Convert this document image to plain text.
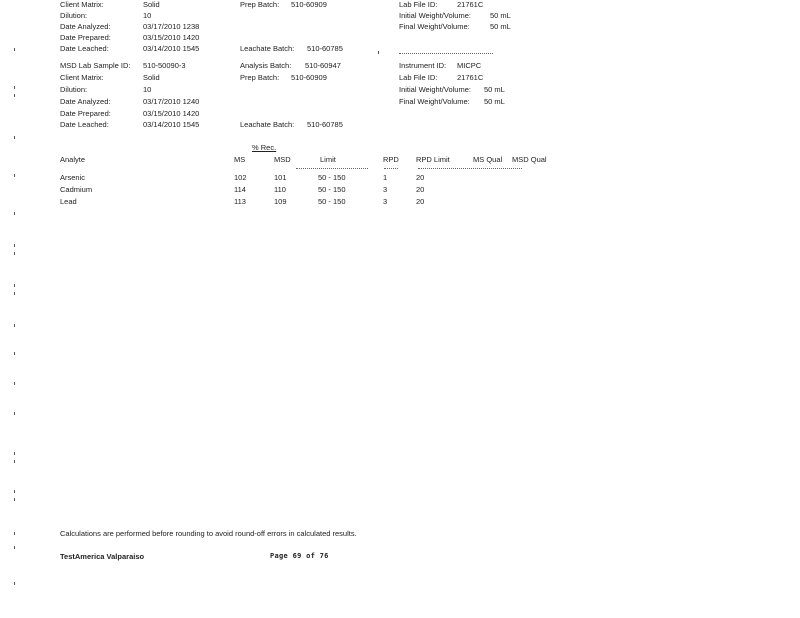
Client Matrix:	Solid	Prep Batch: 510-60909	Lab File ID:	21761C
Dilution:	10	Initial Weight/Volume:	50 mL
Date Analyzed:	03/17/2010 1238	Final Weight/Volume:	50 mL
Date Prepared:	03/15/2010 1420
Date Leached:	03/14/2010 1545	Leachate Batch: 510-60785
MSD Lab Sample ID: 510-50090-3	Analysis Batch: 510-60947	Instrument ID: MICPC
Client Matrix:	Solid	Prep Batch: 510-60909	Lab File ID:	21761C
Dilution:	10	Initial Weight/Volume: 50 mL
Date Analyzed:	03/17/2010 1240	Final Weight/Volume: 50 mL
Date Prepared:	03/15/2010 1420
Date Leached:	03/14/2010 1545	Leachate Batch: 510-60785
% Rec.
Analyte	MS	MSD	Limit	RPD RPD Limit	MS Qual MSD Qual
Arsenic	102	101	50 - 150	1	20
Cadmium	114	110	50 - 150	3	20
Lead	113	109	50 - 150	3	20
Calculations are performed before rounding to avoid round-off errors in calculated results.
TestAmerica Valparaiso	Page 69 of 76
